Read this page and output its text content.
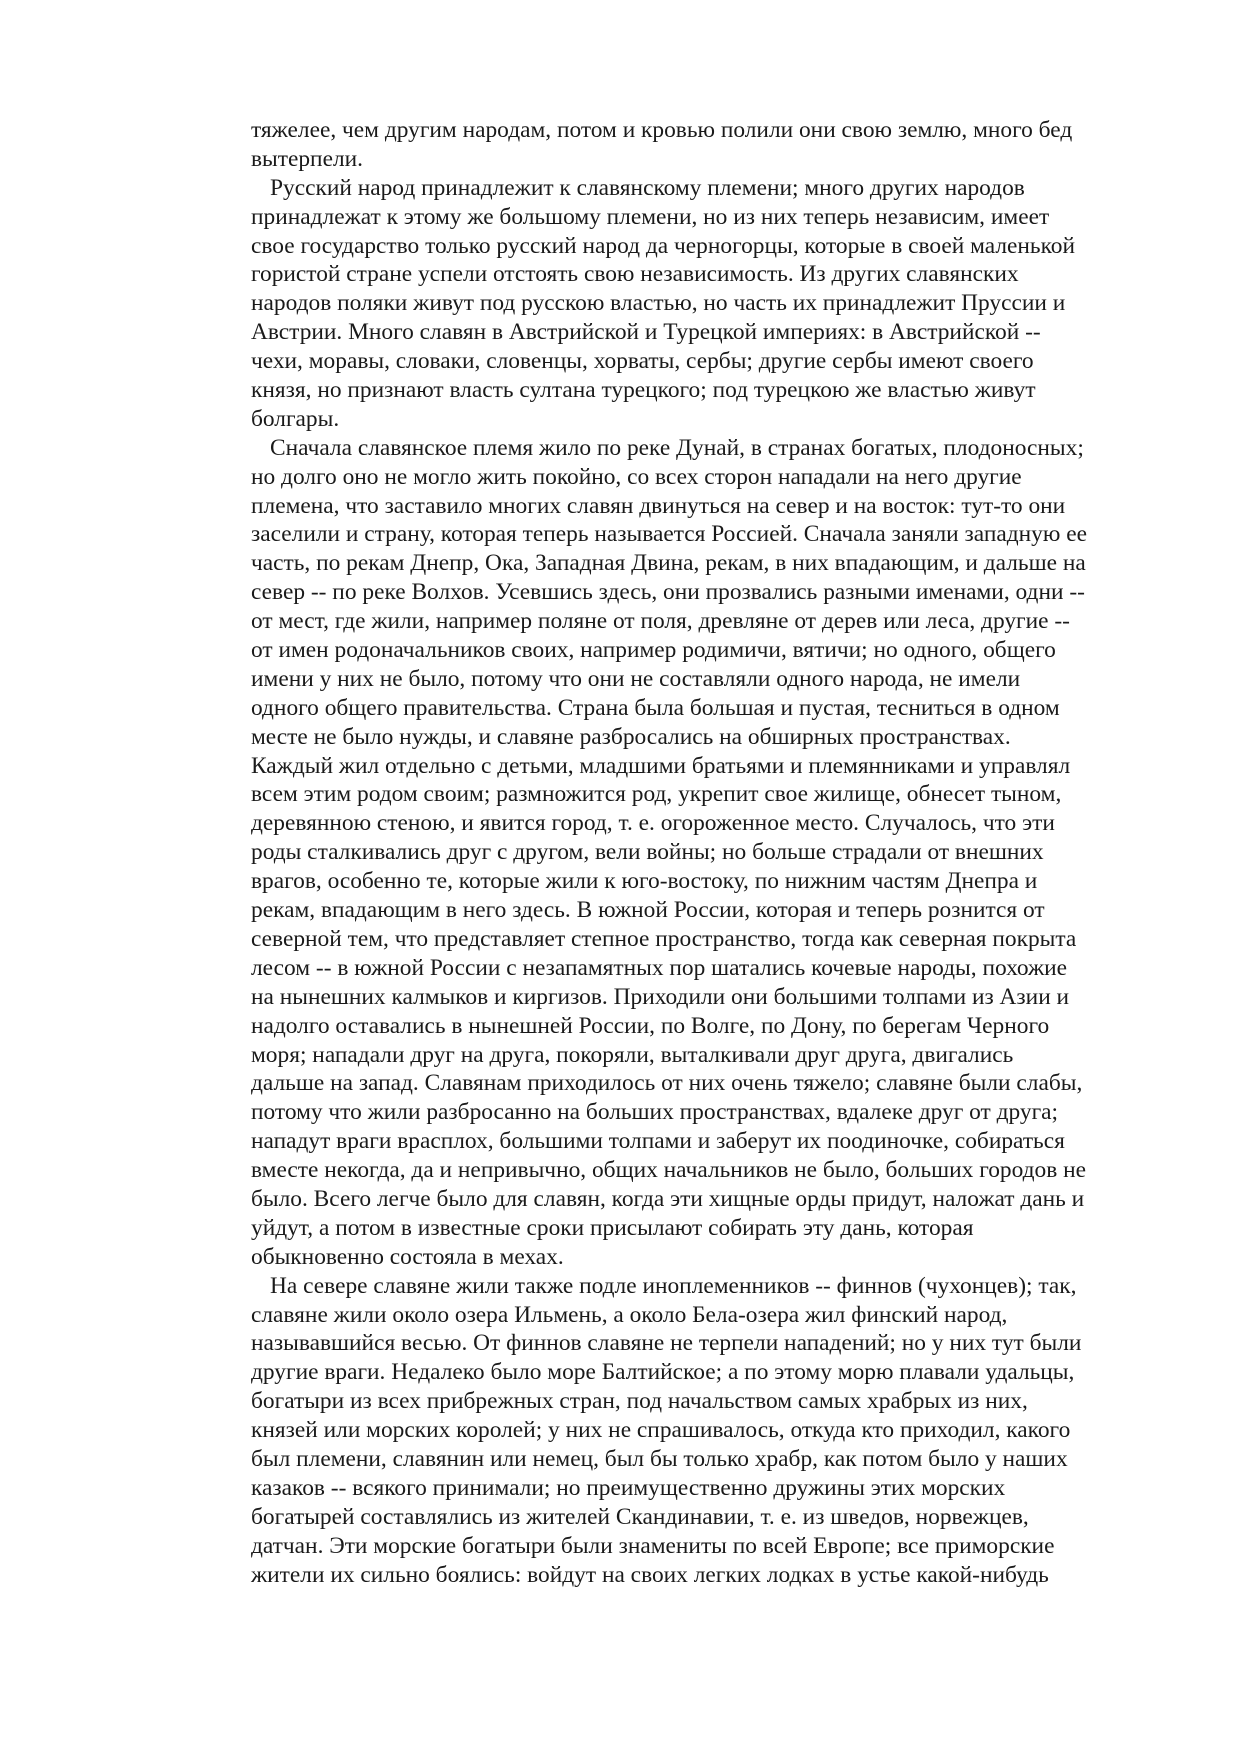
тяжелее, чем другим народам, потом и кровью полили они свою землю, много бед
вытерпели.
Русский народ принадлежит к славянскому племени; много других народов
принадлежат к этому же большому племени, но из них теперь независим, имеет
свое государство только русский народ да черногорцы, которые в своей маленькой
гористой стране успели отстоять свою независимость. Из других славянских
народов поляки живут под русскою властью, но часть их принадлежит Пруссии и
Австрии. Много славян в Австрийской и Турецкой империях: в Австрийской --
чехи, моравы, словаки, словенцы, хорваты, сербы; другие сербы имеют своего
князя, но признают власть султана турецкого; под турецкою же властью живут
болгары.
Сначала славянское племя жило по реке Дунай, в странах богатых, плодоносных;
но долго оно не могло жить покойно, со всех сторон нападали на него другие
племена, что заставило многих славян двинуться на север и на восток: тут-то они
заселили и страну, которая теперь называется Россией. Сначала заняли западную ее
часть, по рекам Днепр, Ока, Западная Двина, рекам, в них впадающим, и дальше на
север -- по реке Волхов. Усевшись здесь, они прозвались разными именами, одни --
от мест, где жили, например поляне от поля, древляне от дерев или леса, другие --
от имен родоначальников своих, например родимичи, вятичи; но одного, общего
имени у них не было, потому что они не составляли одного народа, не имели
одного общего правительства. Страна была большая и пустая, тесниться в одном
месте не было нужды, и славяне разбросались на обширных пространствах.
Каждый жил отдельно с детьми, младшими братьями и племянниками и управлял
всем этим родом своим; размножится род, укрепит свое жилище, обнесет тыном,
деревянною стеною, и явится город, т. е. огороженное место. Случалось, что эти
роды сталкивались друг с другом, вели войны; но больше страдали от внешних
врагов, особенно те, которые жили к юго-востоку, по нижним частям Днепра и
рекам, впадающим в него здесь. В южной России, которая и теперь рознится от
северной тем, что представляет степное пространство, тогда как северная покрыта
лесом -- в южной России с незапамятных пор шатались кочевые народы, похожие
на нынешних калмыков и киргизов. Приходили они большими толпами из Азии и
надолго оставались в нынешней России, по Волге, по Дону, по берегам Черного
моря; нападали друг на друга, покоряли, выталкивали друг друга, двигались
дальше на запад. Славянам приходилось от них очень тяжело; славяне были слабы,
потому что жили разбросанно на больших пространствах, вдалеке друг от друга;
нападут враги врасплох, большими толпами и заберут их поодиночке, собираться
вместе некогда, да и непривычно, общих начальников не было, больших городов не
было. Всего легче было для славян, когда эти хищные орды придут, наложат дань и
уйдут, а потом в известные сроки присылают собирать эту дань, которая
обыкновенно состояла в мехах.
На севере славяне жили также подле иноплеменников -- финнов (чухонцев); так,
славяне жили около озера Ильмень, а около Бела-озера жил финский народ,
называвшийся весью. От финнов славяне не терпели нападений; но у них тут были
другие враги. Недалеко было море Балтийское; а по этому морю плавали удальцы,
богатыри из всех прибрежных стран, под начальством самых храбрых из них,
князей или морских королей; у них не спрашивалось, откуда кто приходил, какого
был племени, славянин или немец, был бы только храбр, как потом было у наших
казаков -- всякого принимали; но преимущественно дружины этих морских
богатырей составлялись из жителей Скандинавии, т. е. из шведов, норвежцев,
датчан. Эти морские богатыри были знамениты по всей Европе; все приморские
жители их сильно боялись: войдут на своих легких лодках в устье какой-нибудь
